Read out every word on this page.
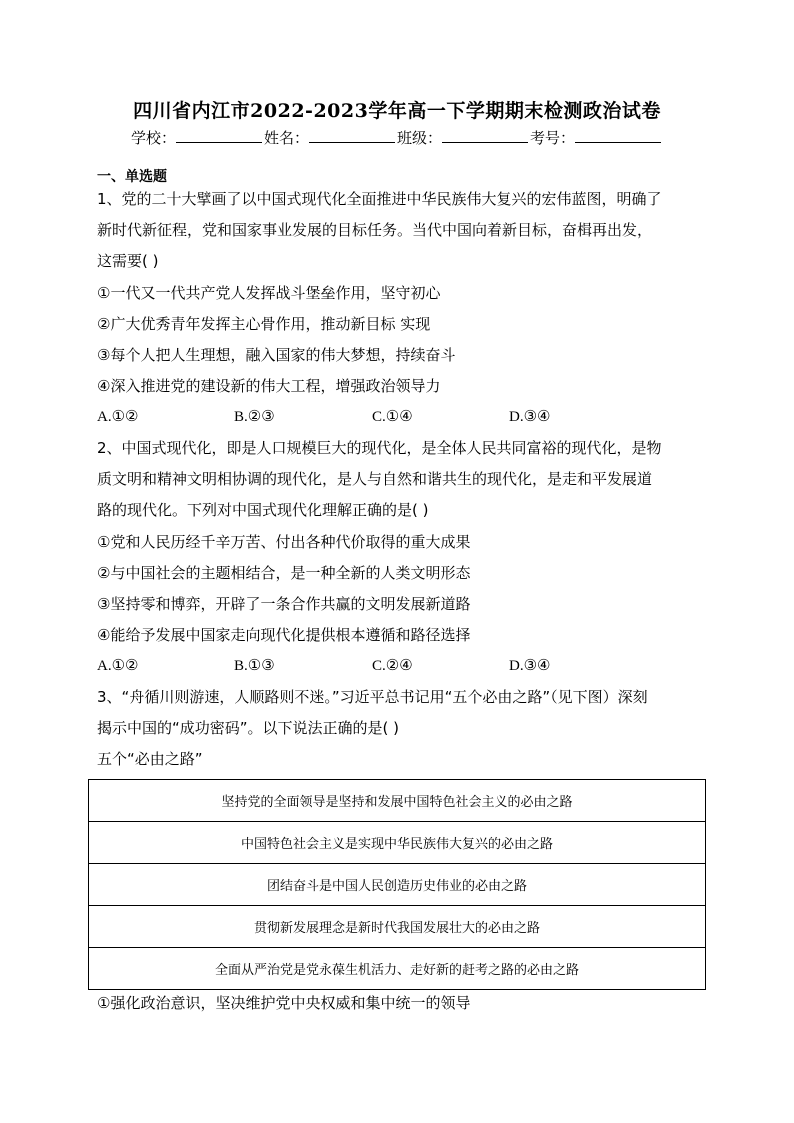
四川省内江市2022-2023学年高一下学期期末检测政治试卷
学校：	姓名：	班级：	考号：
一、单选题
1、党的二十大擘画了以中国式现代化全面推进中华民族伟大复兴的宏伟蓝图，明确了
新时代新征程，党和国家事业发展的目标任务。当代中国向着新目标，奋楫再出发，
这需要( )
①一代又一代共产党人发挥战斗堡垒作用，坚守初心
②广大优秀青年发挥主心骨作用，推动新目标 实现
③每个人把人生理想，融入国家的伟大梦想，持续奋斗
④深入推进党的建设新的伟大工程，增强政治领导力
A.①②	B.②③	C.①④	D.③④
2、中国式现代化，即是人口规模巨大的现代化，是全体人民共同富裕的现代化，是物
质文明和精神文明相协调的现代化，是人与自然和谐共生的现代化，是走和平发展道
路的现代化。下列对中国式现代化理解正确的是( )
①党和人民历经千辛万苦、付出各种代价取得的重大成果
②与中国社会的主题相结合，是一种全新的人类文明形态
③坚持零和博弈，开辟了一条合作共赢的文明发展新道路
④能给予发展中国家走向现代化提供根本遵循和路径选择
A.①②	B.①③	C.②④	D.③④
3、“舟循川则游速，人顺路则不迷。”习近平总书记用“五个必由之路”（见下图）深刻
揭示中国的“成功密码”。以下说法正确的是( )
五个“必由之路”
坚持党的全面领导是坚持和发展中国特色社会主义的必由之路
中国特色社会主义是实现中华民族伟大复兴的必由之路
团结奋斗是中国人民创造历史伟业的必由之路
贯彻新发展理念是新时代我国发展壮大的必由之路
全面从严治党是党永葆生机活力、走好新的赶考之路的必由之路
①强化政治意识，坚决维护党中央权威和集中统一的领导
